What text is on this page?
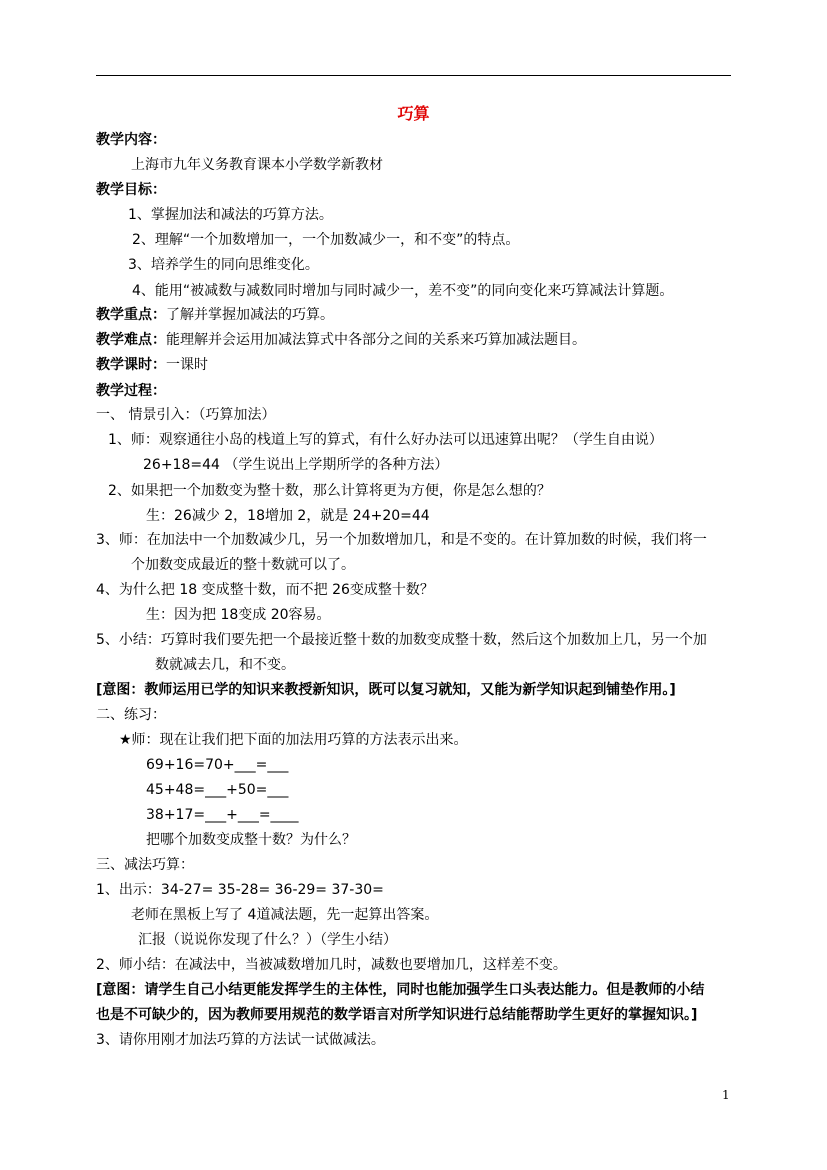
巧算
教学内容：
上海市九年义务教育课本小学数学新教材
教学目标：
1、掌握加法和减法的巧算方法。
2、理解“一个加数增加一，一个加数减少一，和不变”的特点。
3、培养学生的同向思维变化。
4、能用“被减数与减数同时增加与同时减少一，差不变”的同向变化来巧算减法计算题。
教学重点：了解并掌握加减法的巧算。
教学难点：能理解并会运用加减法算式中各部分之间的关系来巧算加减法题目。
教学课时：一课时
教学过程：
一、 情景引入：（巧算加法）
1、师：观察通往小岛的栈道上写的算式，有什么好办法可以迅速算出呢？（学生自由说）
26+18=44 （学生说出上学期所学的各种方法）
2、如果把一个加数变为整十数，那么计算将更为方便，你是怎么想的？
生：26减少 2，18增加 2，就是 24+20=44
3、师：在加法中一个加数减少几，另一个加数增加几，和是不变的。在计算加数的时候，我们将一
个加数变成最近的整十数就可以了。
4、为什么把 18 变成整十数，而不把 26变成整十数？
生：因为把 18变成 20容易。
5、小结：巧算时我们要先把一个最接近整十数的加数变成整十数，然后这个加数加上几，另一个加
数就减去几，和不变。
[意图：教师运用已学的知识来教授新知识，既可以复习就知，又能为新学知识起到铺垫作用。]
二、练习：
★师：现在让我们把下面的加法用巧算的方法表示出来。
69+16=70+___=___
45+48=___+50=___
38+17=___+___=____
把哪个加数变成整十数？为什么？
三、减法巧算：
1、出示：34-27= 35-28= 36-29= 37-30=
老师在黑板上写了 4道减法题，先一起算出答案。
汇报（说说你发现了什么？）（学生小结）
2、师小结：在减法中，当被减数增加几时，减数也要增加几，这样差不变。
[意图：请学生自己小结更能发挥学生的主体性，同时也能加强学生口头表达能力。但是教师的小结
也是不可缺少的，因为教师要用规范的数学语言对所学知识进行总结能帮助学生更好的掌握知识。]
3、请你用刚才加法巧算的方法试一试做减法。
1
